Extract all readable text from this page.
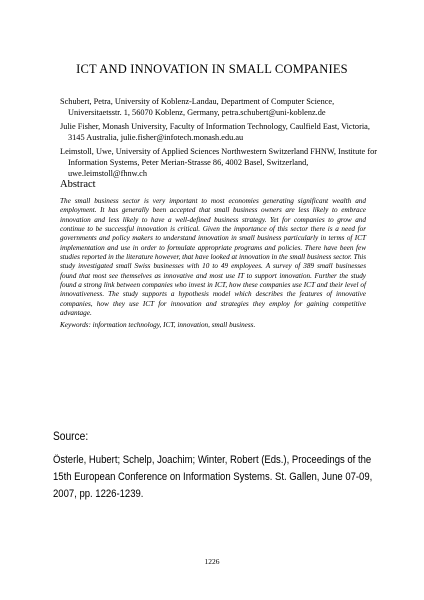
ICT AND INNOVATION IN SMALL COMPANIES
Schubert, Petra, University of Koblenz-Landau, Department of Computer Science,
Universitaetsstr. 1, 56070 Koblenz, Germany, petra.schubert@uni-koblenz.de
Julie Fisher, Monash University, Faculty of Information Technology, Caulfield East, Victoria,
3145 Australia, julie.fisher@infotech.monash.edu.au
Leimstoll, Uwe, University of Applied Sciences Northwestern Switzerland FHNW, Institute for
Information Systems, Peter Merian-Strasse 86, 4002 Basel, Switzerland, uwe.leimstoll@fhnw.ch
Abstract
The small business sector is very important to most economies generating significant wealth and employment. It has generally been accepted that small business owners are less likely to embrace innovation and less likely to have a well-defined business strategy. Yet for companies to grow and continue to be successful innovation is critical. Given the importance of this sector there is a need for governments and policy makers to understand innovation in small business particularly in terms of ICT implementation and use in order to formulate appropriate programs and policies. There have been few studies reported in the literature however, that have looked at innovation in the small business sector. This study investigated small Swiss businesses with 10 to 49 employees. A survey of 389 small businesses found that most see themselves as innovative and most use IT to support innovation. Further the study found a strong link between companies who invest in ICT, how these companies use ICT and their level of innovativeness. The study supports a hypothesis model which describes the features of innovative companies, how they use ICT for innovation and strategies they employ for gaining competitive advantage.
Keywords: information technology, ICT, innovation, small business.
Source:
Österle, Hubert; Schelp, Joachim; Winter, Robert (Eds.), Proceedings of the 15th European Conference on Information Systems. St. Gallen, June 07-09, 2007, pp. 1226-1239.
1226
